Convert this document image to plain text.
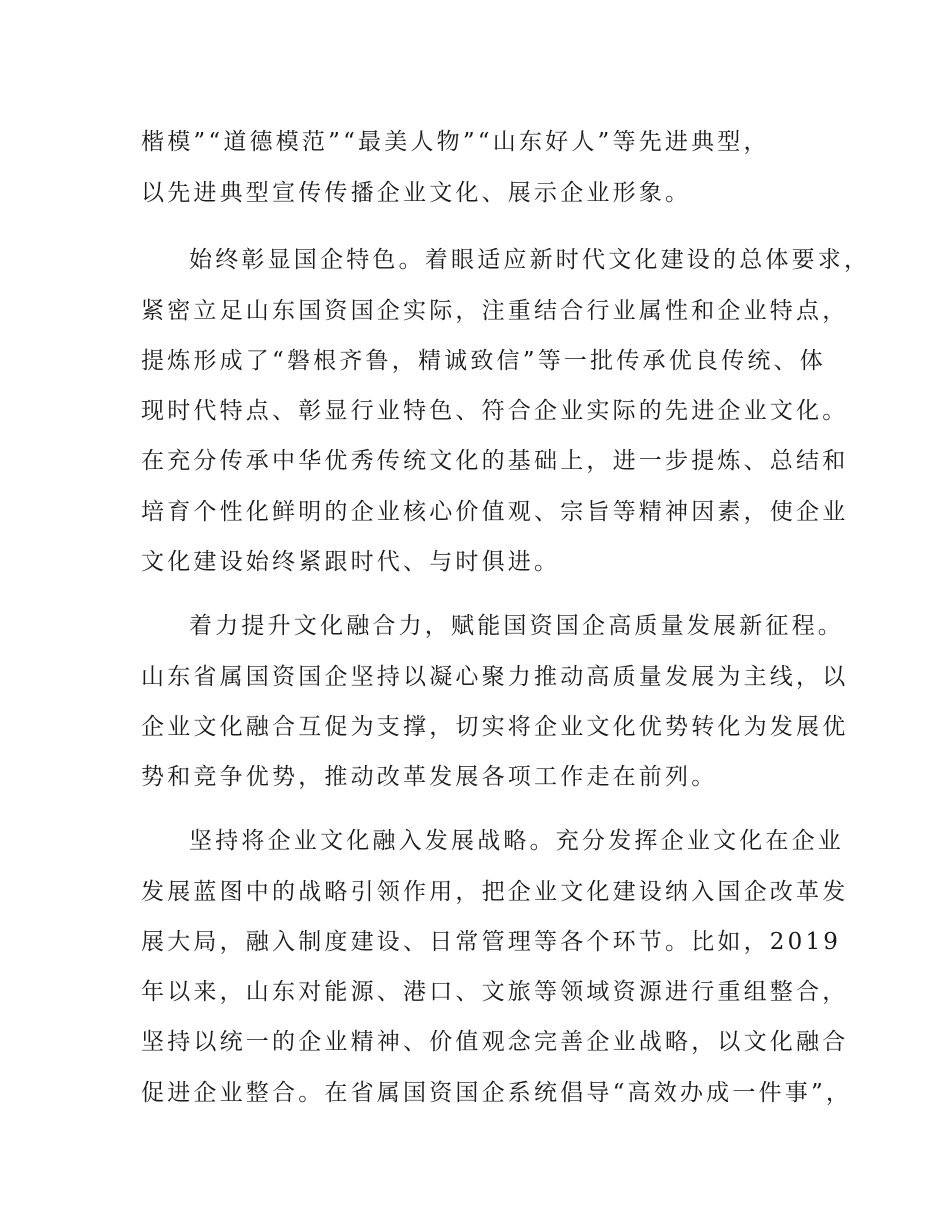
楷模”“道德模范”“最美人物”“山东好人”等先进典型，
以先进典型宣传传播企业文化、展示企业形象。
始终彰显国企特色。着眼适应新时代文化建设的总体要求，
紧密立足山东国资国企实际，注重结合行业属性和企业特点，
提炼形成了“磐根齐鲁，精诚致信”等一批传承优良传统、体
现时代特点、彰显行业特色、符合企业实际的先进企业文化。
在充分传承中华优秀传统文化的基础上，进一步提炼、总结和
培育个性化鲜明的企业核心价值观、宗旨等精神因素，使企业
文化建设始终紧跟时代、与时俱进。
着力提升文化融合力，赋能国资国企高质量发展新征程。
山东省属国资国企坚持以凝心聚力推动高质量发展为主线，以
企业文化融合互促为支撑，切实将企业文化优势转化为发展优
势和竞争优势，推动改革发展各项工作走在前列。
坚持将企业文化融入发展战略。充分发挥企业文化在企业
发展蓝图中的战略引领作用，把企业文化建设纳入国企改革发
展大局，融入制度建设、日常管理等各个环节。比如，2019
年以来，山东对能源、港口、文旅等领域资源进行重组整合，
坚持以统一的企业精神、价值观念完善企业战略，以文化融合
促进企业整合。在省属国资国企系统倡导“高效办成一件事”，
